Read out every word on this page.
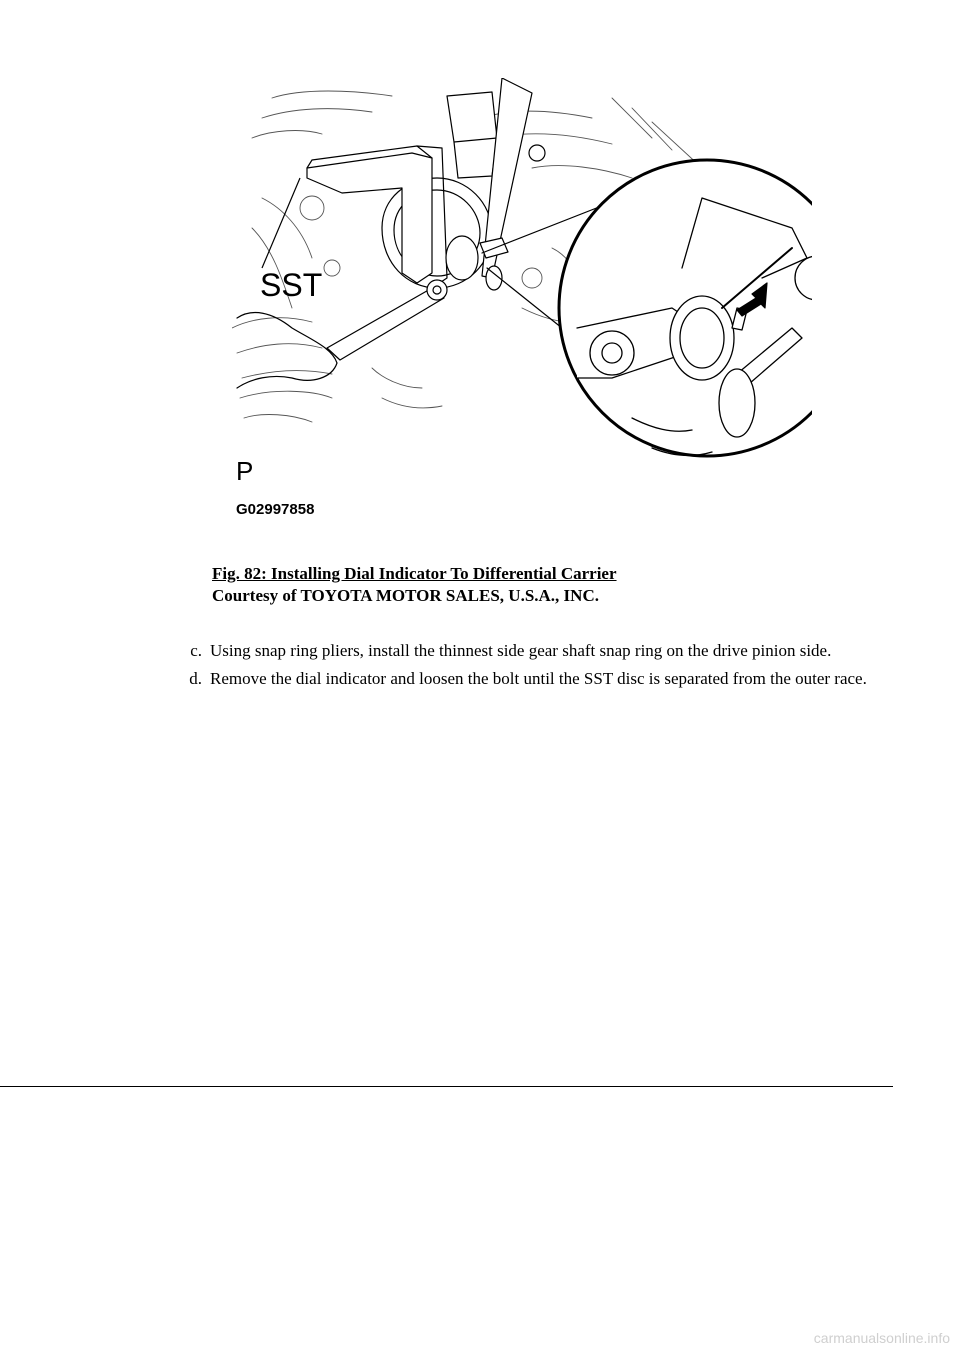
SST
P
G02997858
Fig. 82: Installing Dial Indicator To Differential Carrier
Courtesy of TOYOTA MOTOR SALES, U.S.A., INC.
c. Using snap ring pliers, install the thinnest side gear shaft snap ring on the drive pinion side.
d. Remove the dial indicator and loosen the bolt until the SST disc is separated from the outer race.
carmanualsonline.info
